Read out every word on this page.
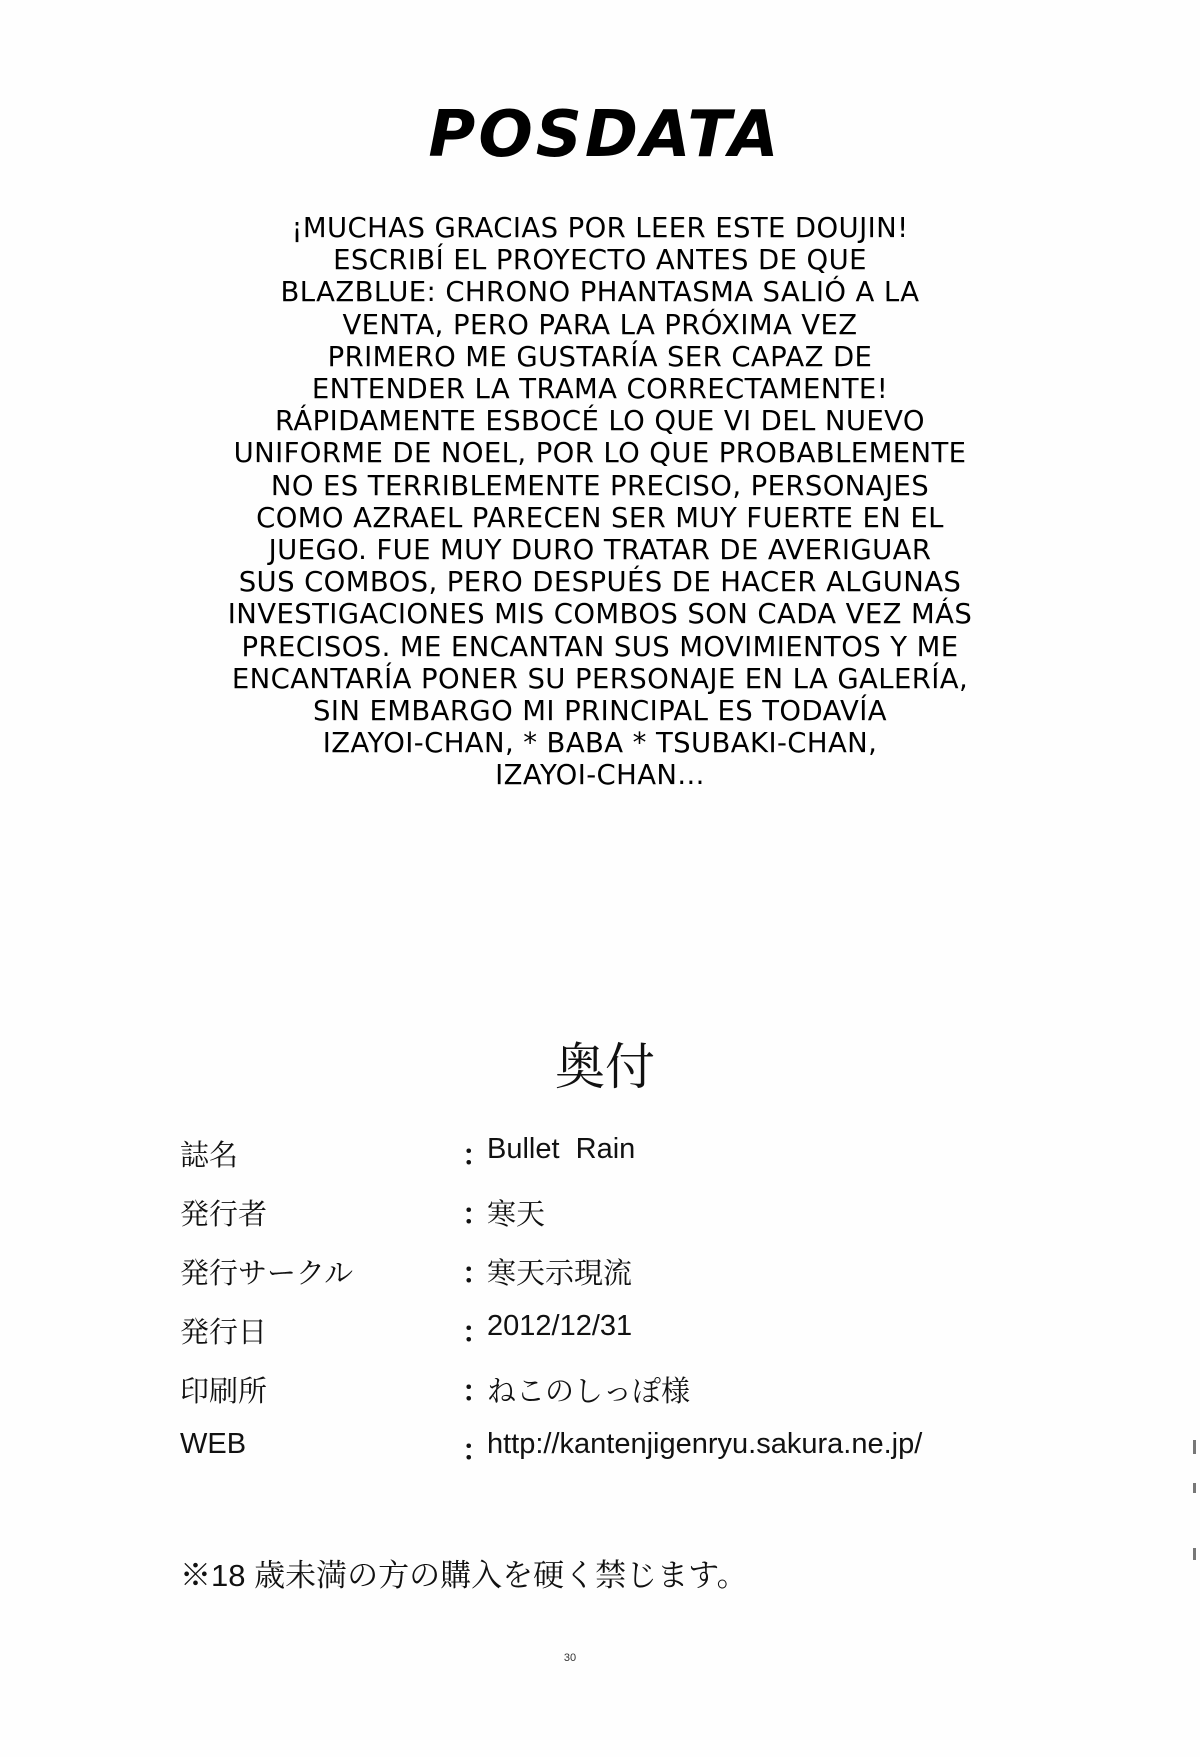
POSDATA
¡MUCHAS GRACIAS POR LEER ESTE DOUJIN!
ESCRIBÍ EL PROYECTO ANTES DE QUE
BLAZBLUE: CHRONO PHANTASMA SALIÓ A LA
VENTA, PERO PARA LA PRÓXIMA VEZ
PRIMERO ME GUSTARÍA SER CAPAZ DE
ENTENDER LA TRAMA CORRECTAMENTE!
RÁPIDAMENTE ESBOCÉ LO QUE VI DEL NUEVO
UNIFORME DE NOEL, POR LO QUE PROBABLEMENTE
NO ES TERRIBLEMENTE PRECISO, PERSONAJES
COMO AZRAEL PARECEN SER MUY FUERTE EN EL
JUEGO. FUE MUY DURO TRATAR DE AVERIGUAR
SUS COMBOS, PERO DESPUÉS DE HACER ALGUNAS
INVESTIGACIONES MIS COMBOS SON CADA VEZ MÁS
PRECISOS. ME ENCANTAN SUS MOVIMIENTOS Y ME
ENCANTARÍA PONER SU PERSONAJE EN LA GALERÍA,
SIN EMBARGO MI PRINCIPAL ES TODAVÍA
IZAYOI-CHAN, * BABA * TSUBAKI-CHAN,
IZAYOI-CHAN...
奥付
誌名	：
Bullet  Rain
発行者	：
寒天
発行サークル	：
寒天示現流
発行日	：
2012/12/31
印刷所	：
ねこのしっぽ様
WEB	：
http://kantenjigenryu.sakura.ne.jp/
※18 歳未満の方の購入を硬く禁じます。
30
